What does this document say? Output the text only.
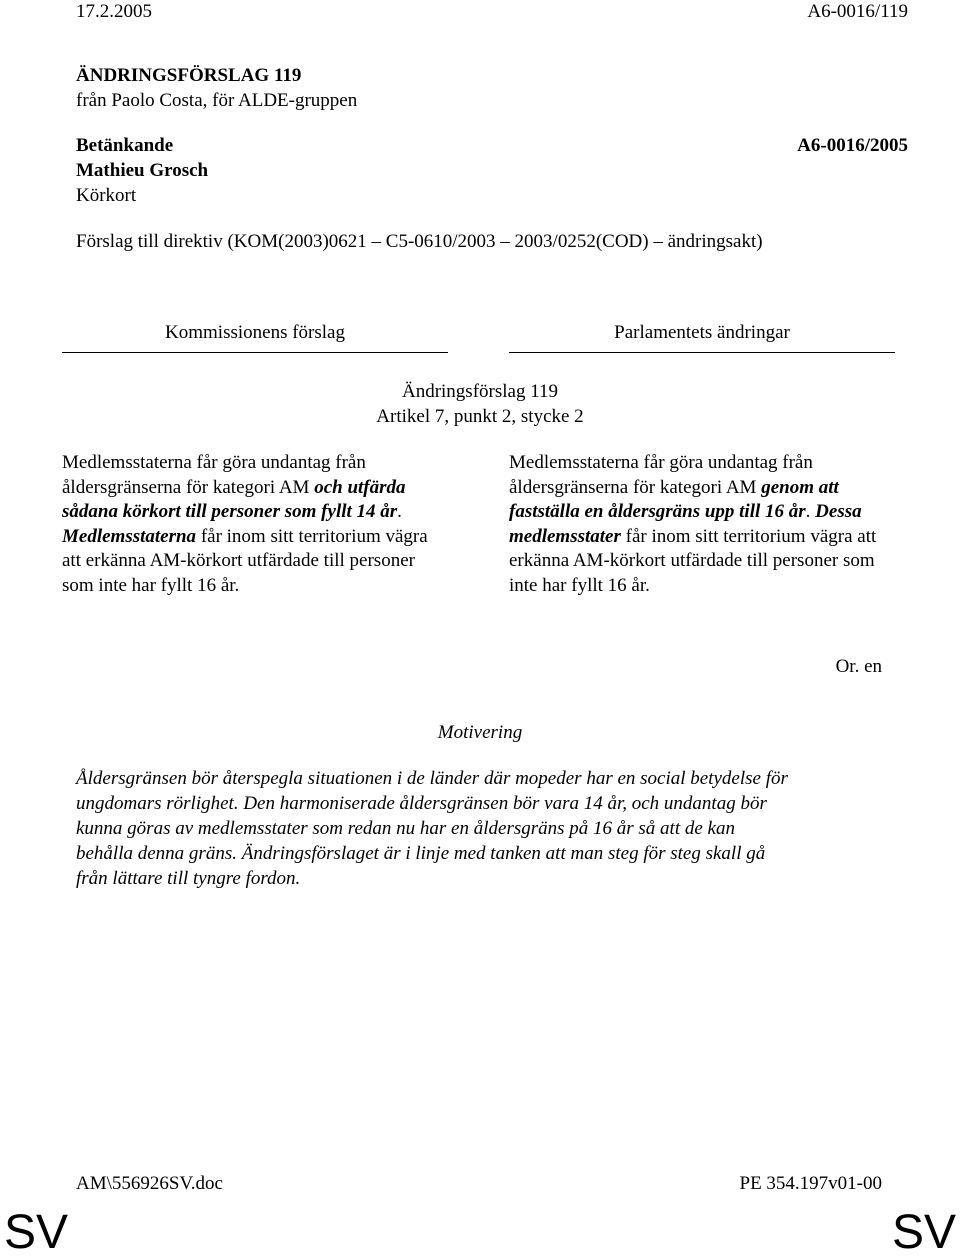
17.2.2005	A6-0016/119
ÄNDRINGSFÖRSLAG 119
från Paolo Costa, för ALDE-gruppen
Betänkande	A6-0016/2005
Mathieu Grosch
Körkort
Förslag till direktiv (KOM(2003)0621 – C5-0610/2003 – 2003/0252(COD) – ändringsakt)
Kommissionens förslag	Parlamentets ändringar
Ändringsförslag 119
Artikel 7, punkt 2, stycke 2

Medlemsstaterna får göra undantag från åldersgränserna för kategori AM och utfärda sådana körkort till personer som fyllt 14 år. Medlemsstaterna får inom sitt territorium vägra att erkänna AM-körkort utfärdade till personer som inte har fyllt 16 år.

Medlemsstaterna får göra undantag från åldersgränserna för kategori AM genom att fastställa en åldersgräns upp till 16 år. Dessa medlemsstater får inom sitt territorium vägra att erkänna AM-körkort utfärdade till personer som inte har fyllt 16 år.

Or. en
Motivering
Åldersgränsen bör återspegla situationen i de länder där mopeder har en social betydelse för
ungdomars rörlighet. Den harmoniserade åldersgränsen bör vara 14 år, och undantag bör
kunna göras av medlemsstater som redan nu har en åldersgräns på 16 år så att de kan
behålla denna gräns. Ändringsförslaget är i linje med tanken att man steg för steg skall gå
från lättare till tyngre fordon.
AM\556926SV.doc	PE 354.197v01-00
SV	SV
